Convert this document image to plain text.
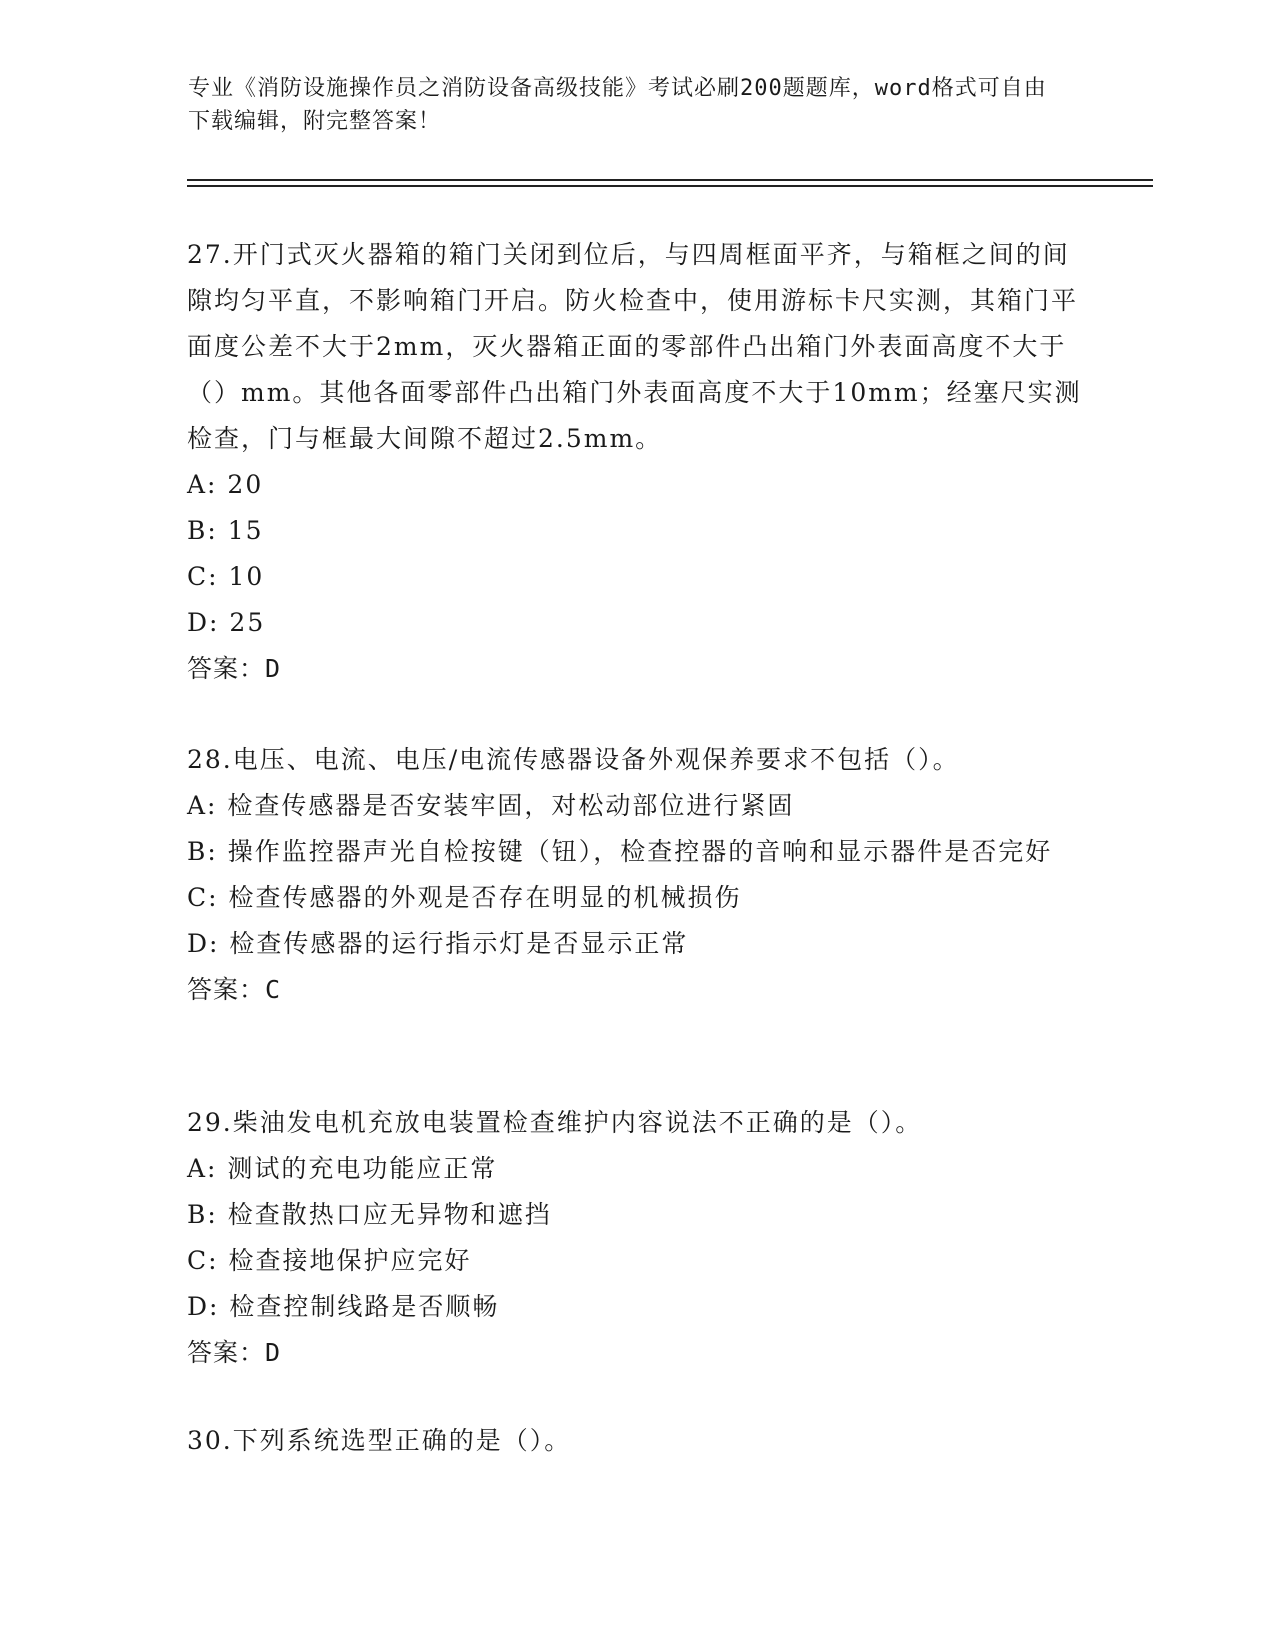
专业《消防设施操作员之消防设备高级技能》考试必刷200题题库，word格式可自由下载编辑，附完整答案！

27.开门式灭火器箱的箱门关闭到位后，与四周框面平齐，与箱框之间的间隙均匀平直，不影响箱门开启。防火检查中，使用游标卡尺实测，其箱门平面度公差不大于2mm，灭火器箱正面的零部件凸出箱门外表面高度不大于（）mm。其他各面零部件凸出箱门外表面高度不大于10mm；经塞尺实测检查，门与框最大间隙不超过2.5mm。

A: 20

B: 15

C: 10

D: 25

答案：D

28.电压、电流、电压/电流传感器设备外观保养要求不包括（）。

A: 检查传感器是否安装牢固，对松动部位进行紧固

B: 操作监控器声光自检按键（钮），检查控器的音响和显示器件是否完好

C: 检查传感器的外观是否存在明显的机械损伤

D: 检查传感器的运行指示灯是否显示正常

答案：C

29.柴油发电机充放电装置检查维护内容说法不正确的是（）。

A: 测试的充电功能应正常

B: 检查散热口应无异物和遮挡

C: 检查接地保护应完好

D: 检查控制线路是否顺畅

答案：D

30.下列系统选型正确的是（）。
